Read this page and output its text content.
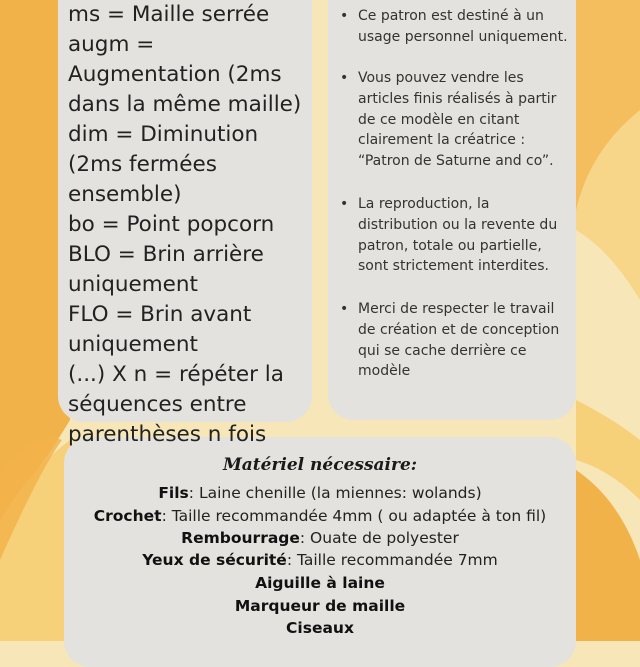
ms = Maille serrée
augm = Augmentation (2ms dans la même maille)
dim = Diminution (2ms fermées ensemble)
bo = Point popcorn
BLO = Brin arrière uniquement
FLO = Brin avant uniquement
(...) X n = répéter la séquences entre parenthèses n fois
• Ce patron est destiné à un usage personnel uniquement.
• Vous pouvez vendre les articles finis réalisés à partir de ce modèle en citant clairement la créatrice : “Patron de Saturne and co”.
• La reproduction, la distribution ou la revente du patron, totale ou partielle, sont strictement interdites.
• Merci de respecter le travail de création et de conception qui se cache derrière ce modèle
Matériel nécessaire:
Fils: Laine chenille (la miennes: wolands)
Crochet: Taille recommandée 4mm ( ou adaptée à ton fil)
Rembourrage: Ouate de polyester
Yeux de sécurité: Taille recommandée 7mm
Aiguille à laine
Marqueur de maille
Ciseaux
